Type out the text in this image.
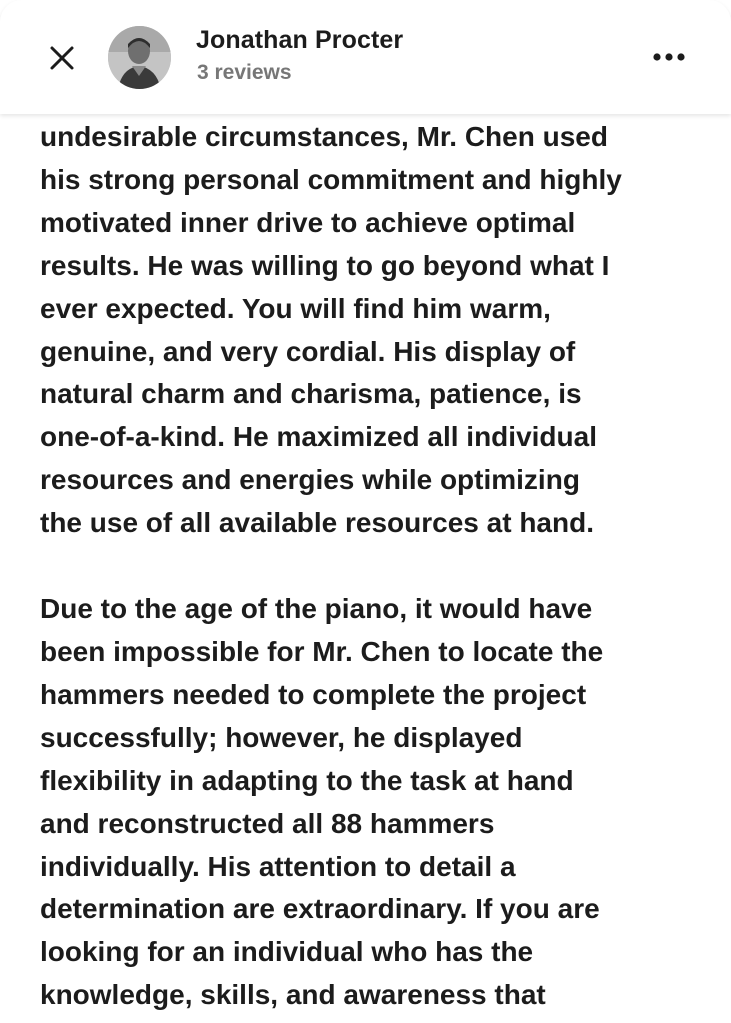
Jonathan Procter
3 reviews

undesirable circumstances, Mr. Chen used
his strong personal commitment and highly
motivated inner drive to achieve optimal
results. He was willing to go beyond what I
ever expected. You will find him warm,
genuine, and very cordial. His display of
natural charm and charisma, patience, is
one-of-a-kind. He maximized all individual
resources and energies while optimizing
the use of all available resources at hand.

Due to the age of the piano, it would have
been impossible for Mr. Chen to locate the
hammers needed to complete the project
successfully; however, he displayed
flexibility in adapting to the task at hand
and reconstructed all 88 hammers
individually. His attention to detail a
determination are extraordinary. If you are
looking for an individual who has the
knowledge, skills, and awareness that
